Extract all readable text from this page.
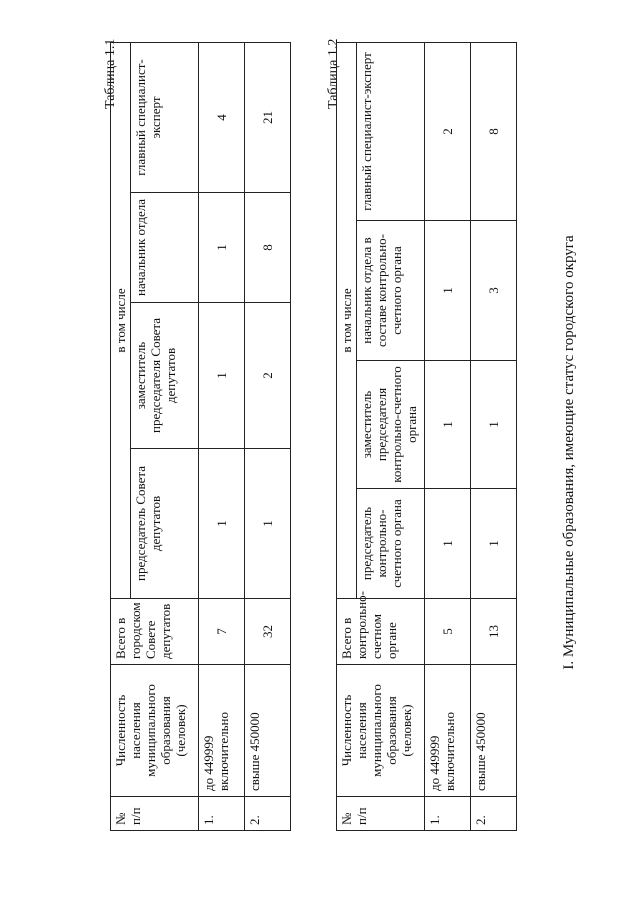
I. Муниципальные образования, имеющие статус городского округа
Таблица 1.1
№ п/п	Численность населения муниципального образования (человек)	Всего в городском Совете депутатов	в том числе			
			председатель Совета депутатов	заместитель председателя Совета депутатов	начальник отдела	главный специалист-эксперт
1.	до 449999 включительно	7	1	1	1	4
2.	свыше 450000	32	1	2	8	21
Таблица 1.2
№ п/п	Численность населения муниципального образования (человек)	Всего в контрольно-счетном органе	в том числе			
			председатель контрольно-счетного органа	заместитель председателя контрольно-счетного органа	начальник отдела в составе контрольно-счетного органа	главный специалист-эксперт
1.	до 449999 включительно	5	1	1	1	2
2.	свыше 450000	13	1	1	3	8
